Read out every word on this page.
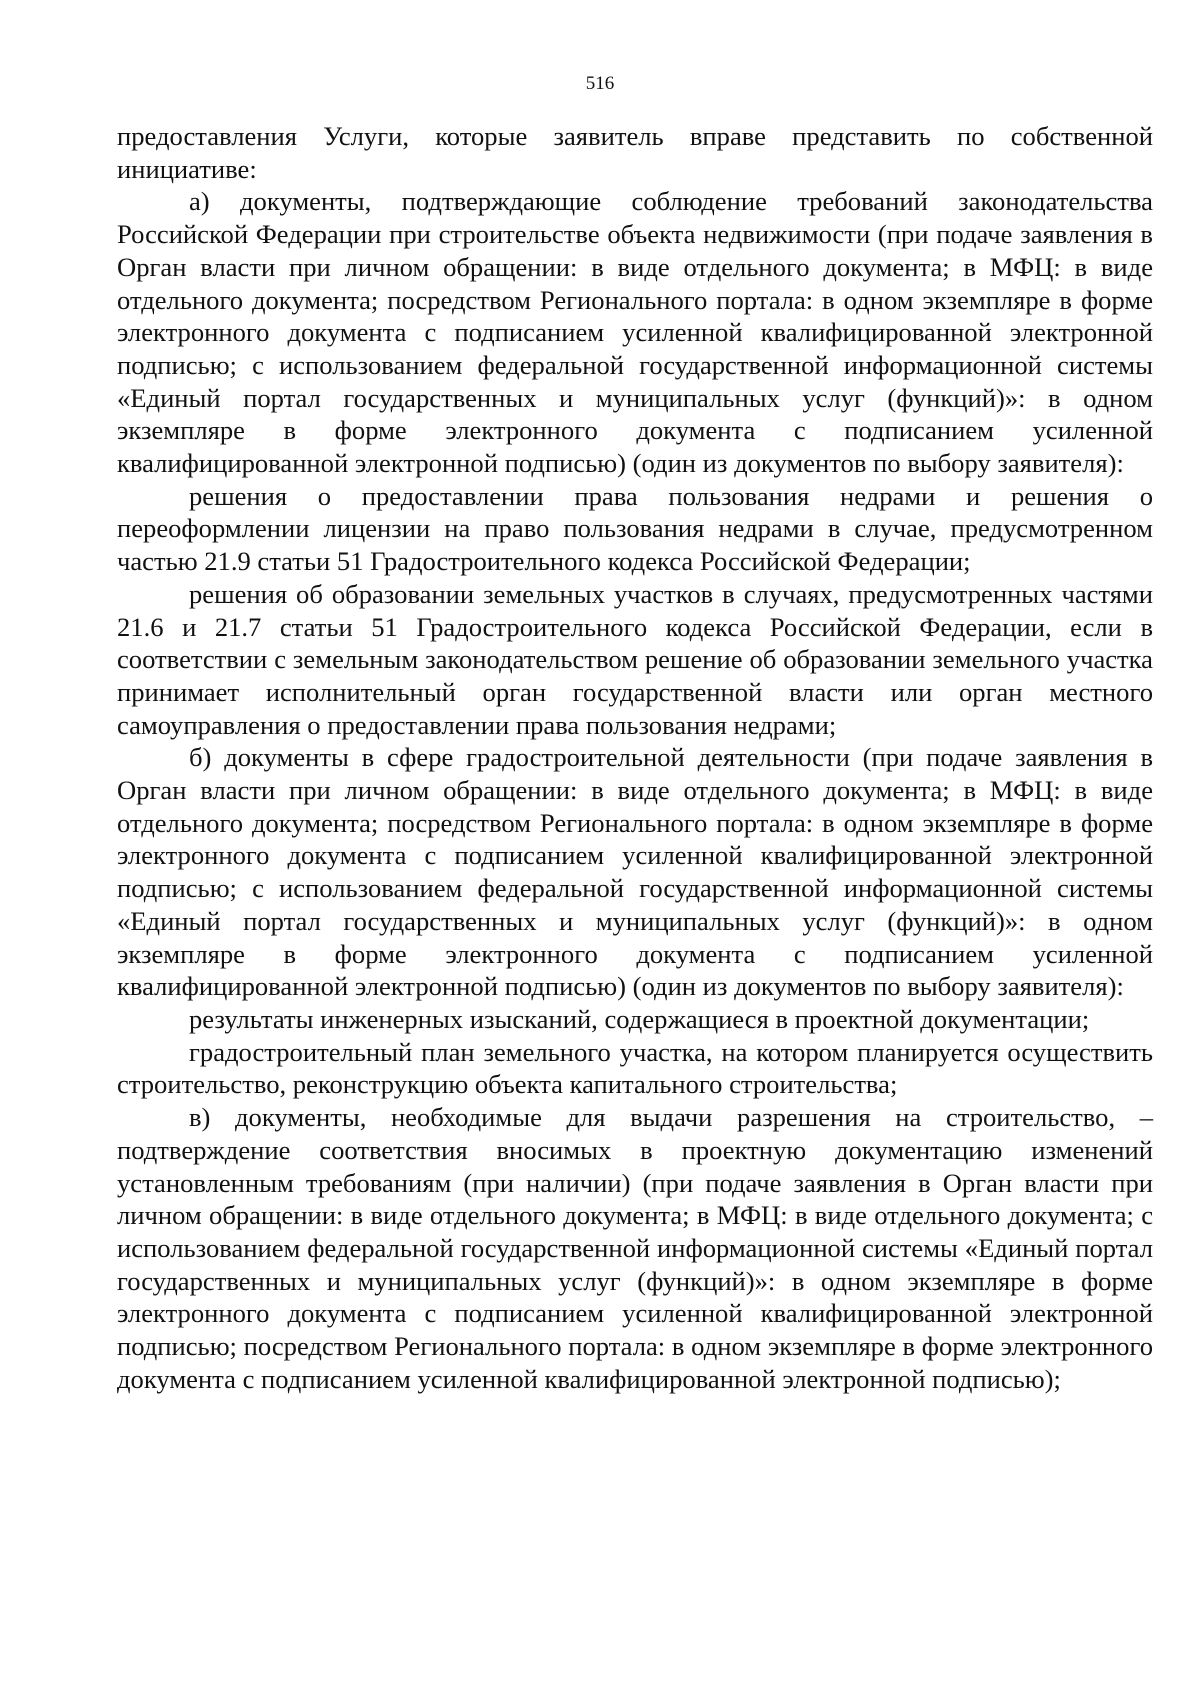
516

предоставления Услуги, которые заявитель вправе представить по собственной инициативе:

а) документы, подтверждающие соблюдение требований законодательства Российской Федерации при строительстве объекта недвижимости (при подаче заявления в Орган власти при личном обращении: в виде отдельного документа; в МФЦ: в виде отдельного документа; посредством Регионального портала: в одном экземпляре в форме электронного документа с подписанием усиленной квалифицированной электронной подписью; с использованием федеральной государственной информационной системы «Единый портал государственных и муниципальных услуг (функций)»: в одном экземпляре в форме электронного документа с подписанием усиленной квалифицированной электронной подписью) (один из документов по выбору заявителя):

решения о предоставлении права пользования недрами и решения о переоформлении лицензии на право пользования недрами в случае, предусмотренном частью 21.9 статьи 51 Градостроительного кодекса Российской Федерации;

решения об образовании земельных участков в случаях, предусмотренных частями 21.6 и 21.7 статьи 51 Градостроительного кодекса Российской Федерации, если в соответствии с земельным законодательством решение об образовании земельного участка принимает исполнительный орган государственной власти или орган местного самоуправления о предоставлении права пользования недрами;

б) документы в сфере градостроительной деятельности (при подаче заявления в Орган власти при личном обращении: в виде отдельного документа; в МФЦ: в виде отдельного документа; посредством Регионального портала: в одном экземпляре в форме электронного документа с подписанием усиленной квалифицированной электронной подписью; с использованием федеральной государственной информационной системы «Единый портал государственных и муниципальных услуг (функций)»: в одном экземпляре в форме электронного документа с подписанием усиленной квалифицированной электронной подписью) (один из документов по выбору заявителя):

результаты инженерных изысканий, содержащиеся в проектной документации;

градостроительный план земельного участка, на котором планируется осуществить строительство, реконструкцию объекта капитального строительства;

в) документы, необходимые для выдачи разрешения на строительство, – подтверждение соответствия вносимых в проектную документацию изменений установленным требованиям (при наличии) (при подаче заявления в Орган власти при личном обращении: в виде отдельного документа; в МФЦ: в виде отдельного документа; с использованием федеральной государственной информационной системы «Единый портал государственных и муниципальных услуг (функций)»: в одном экземпляре в форме электронного документа с подписанием усиленной квалифицированной электронной подписью; посредством Регионального портала: в одном экземпляре в форме электронного документа с подписанием усиленной квалифицированной электронной подписью);
